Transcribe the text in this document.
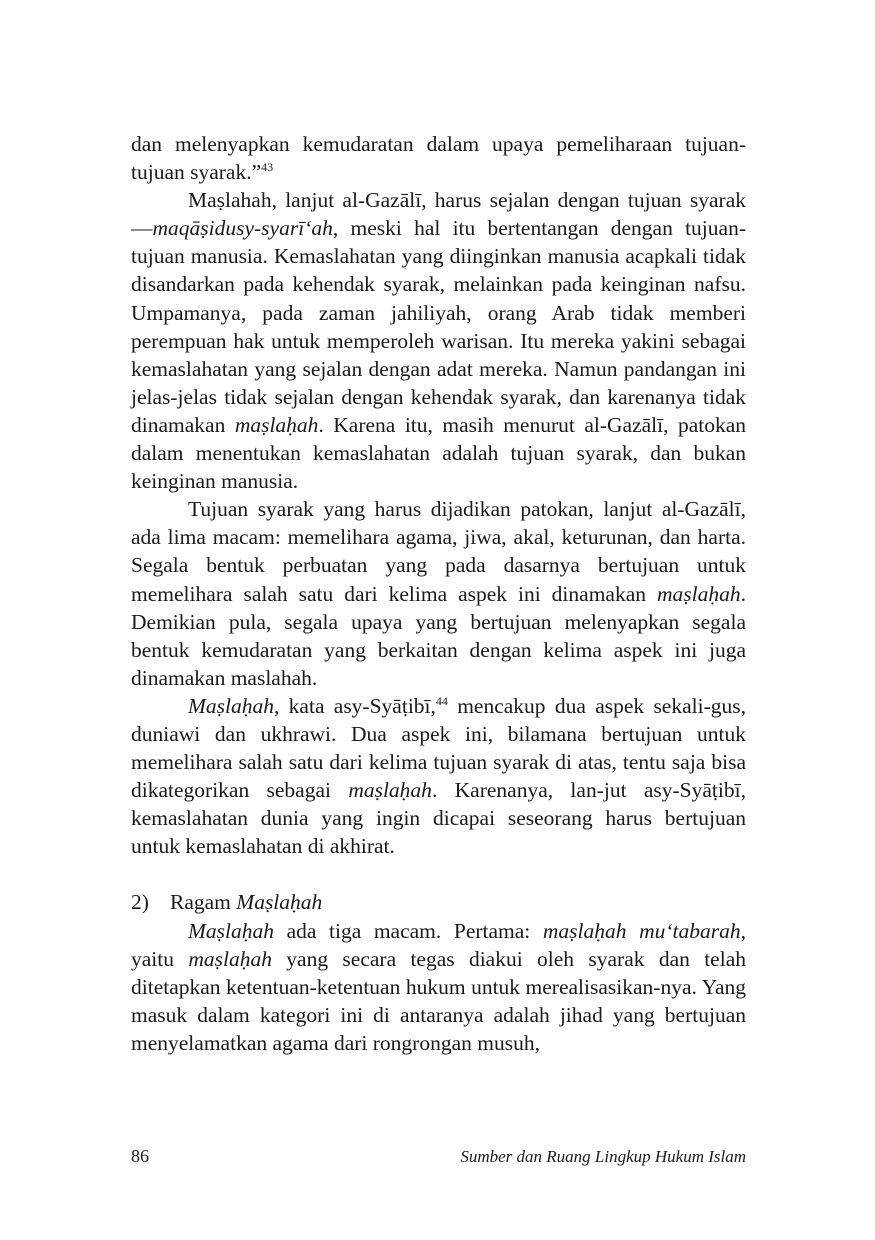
dan melenyapkan kemudaratan dalam upaya pemeliharaan tujuan-tujuan syarak.”$^{43}$

Maṣlahah, lanjut al-Gazālī, harus sejalan dengan tujuan syarak—maqāṣidusy-syarī‘ah, meski hal itu bertentangan dengan tujuan-tujuan manusia. Kemaslahatan yang diinginkan manusia acapkali tidak disandarkan pada kehendak syarak, melainkan pada keinginan nafsu. Umpamanya, pada zaman jahiliyah, orang Arab tidak memberi perempuan hak untuk memperoleh warisan. Itu mereka yakini sebagai kemaslahatan yang sejalan dengan adat mereka. Namun pandangan ini jelas-jelas tidak sejalan dengan kehendak syarak, dan karenanya tidak dinamakan maṣlaḥah. Karena itu, masih menurut al-Gazālī, patokan dalam menentukan kemaslahatan adalah tujuan syarak, dan bukan keinginan manusia.

Tujuan syarak yang harus dijadikan patokan, lanjut al-Gazālī, ada lima macam: memelihara agama, jiwa, akal, keturunan, dan harta. Segala bentuk perbuatan yang pada dasarnya bertujuan untuk memelihara salah satu dari kelima aspek ini dinamakan maṣlaḥah. Demikian pula, segala upaya yang bertujuan melenyapkan segala bentuk kemudaratan yang berkaitan dengan kelima aspek ini juga dinamakan maslahah.

Maṣlaḥah, kata asy-Syāṭibī,$^{44}$ mencakup dua aspek sekali-gus, duniawi dan ukhrawi. Dua aspek ini, bilamana bertujuan untuk memelihara salah satu dari kelima tujuan syarak di atas, tentu saja bisa dikategorikan sebagai maṣlaḥah. Karenanya, lan-jut asy-Syāṭibī, kemaslahatan dunia yang ingin dicapai seseorang harus bertujuan untuk kemaslahatan di akhirat.

2) Ragam Maṣlaḥah

Maṣlaḥah ada tiga macam. Pertama: maṣlaḥah mu‘tabarah, yaitu maṣlaḥah yang secara tegas diakui oleh syarak dan telah ditetapkan ketentuan-ketentuan hukum untuk merealisasikan-nya. Yang masuk dalam kategori ini di antaranya adalah jihad yang bertujuan menyelamatkan agama dari rongrongan musuh,

86	Sumber dan Ruang Lingkup Hukum Islam
